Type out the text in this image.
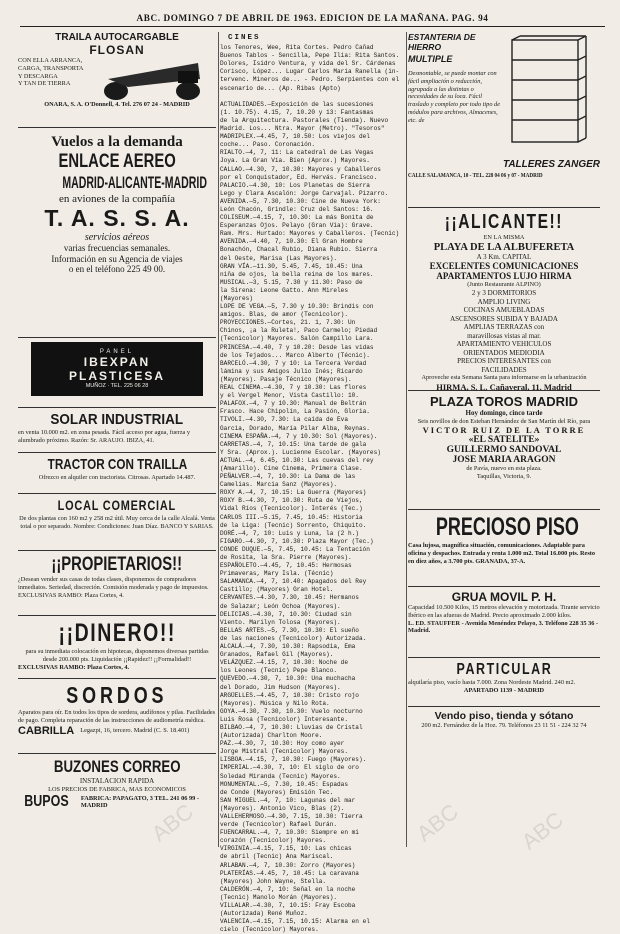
ABC. DOMINGO 7 DE ABRIL DE 1963. EDICION DE LA MAÑANA. PAG. 94
TRAILA AUTOCARGABLE
FLOSAN
CON ELLA ARRANCA, CARGA, TRANSPORTA
Y DESCARGA
Y TAN DE TIERRA
ONARA, S. A. O'Donnell, 4. Tel. 276 07 24 - MADRID
Vuelos a la demanda
ENLACE AEREO
MADRID-ALICANTE-MADRID
en aviones de la compañía
T. A. S. S. A.
servicios aéreos
varias frecuencias semanales.
Información en su Agencia de viajes
o en el teléfono 225 49 00.
PANEL
IBEXPAN
PLASTICESA
MUÑOZ · TEL. 225 06 28
SOLAR INDUSTRIAL
en venta 10.000 m2. en zona pesada. Fácil acceso por agua, fuerza y alumbrado próximo. Razón: Sr. ARAUJO. IBIZA, 41.
TRACTOR CON TRAILLA
Ofrezco en alquiler con tractorista. Citrosas. Apartado 14.487.
LOCAL COMERCIAL
De dos plantas con 160 m2 y 258 m2 útil. Muy cerca de la calle Alcalá. Venta total o por separado. Nombre: Condiciones: Juan Díaz. BANCO Y SARIAS.
¡¡PROPIETARIOS!!
¿Desean vender sus casas de todas clases, disponemos de compradores inmediatos. Seriedad, discreción. Comisión moderada y pago de impuestos. EXCLUSIVAS RAMBO: Plaza Cortes, 4.
¡¡DINERO!!
para su inmediata colocación en hipotecas, disponemos diversas partidas desde 200.000 pts. Liquidación ¡¡Rapidez!! ¡¡Formalidad!!
EXCLUSIVAS RAMBO: Plaza Cortes, 4.
SORDOS
Aparatos para oír. En todos los tipos de sordera, audífonos y pilas. Facilidades de pago. Completa reparación de las instrucciones de audiometría médica.
CABRILLA Legazpi, 16, tercero. Madrid (C. S. 18.401)
BUZONES CORREO
INSTALACION RAPIDA
LOS PRECIOS DE FABRICA, MAS ECONOMICOS
BUPOS FABRICA: PAPAGATO, 3 TEL. 241 06 99 - MADRID
CINES
los Tenores, Wee, Rita Cortes. Pedro Cañad
Buenos Tablos - Sencilla, Pepe Ilia: Rita Santos.
Dolores, Isidro Ventura, y vida del Sr. Cárdenas
Corisco, López... Lugar Carlos Maria Ranella (in-
tervenc. Mineros de... - Pedro. Serpientes con el
escenario de... (Ap. Ribas (Apto)

ACTUALIDADES.—Exposición de las sucesiones
(1. 10.75). 4.15, 7, 10.20 y 13: Fantasmas
de la Arquitectura. Pastorales (Tienda). Nuevo
Madrid. Los... Ntra. Mayor (Metro). "Tesoros"
MADRIPLEX.—4.45, 7, 10.50: Los viejos del
coche... Paso. Coronación.
RIALTO.—4, 7, 11: La catedral de Las Vegas
Joya. La Gran Vía. Bien (Aprox.) Mayores.
CALLAO.—4.30, 7, 10.30: Mayores y Caballeros
por el Conquistador, Ed. Hervás. Francisco.
PALACIO.—4.30, 10: Los Planetas de Sierra
Lego y Clara Ascalón: Jorge Carvajal. Pizarro.
AVENIDA.—5, 7.30, 10.30: Cine de Nueva York:
León Chacón, Grindle: Cruz del Santos: 16.
COLISEUM.—4.15, 7, 10.30: La más Bonita de
Esperanzas Ojos. Pelayo (Gran Vía): Grave.
Ram. Mrs. Hurtado: Mayores y Caballeros. (Tecnic)
AVENIDA.—4.40, 7, 10.30: El Gran Hombre
Bonachón, Chacal Rubio, Diana Rubio. Sierra
del Oeste, Marisa (Las Mayores).
GRAN VÍA.—11.30, 5.45, 7.45, 10.45: Una
niña de ojos, la bella reina de los mares.
MUSICAL.—3, 5.15, 7.30 y 11.30: Paso de
la Sirena: Leone Gatto. Ann Mireles
(Mayores)
LOPE DE VEGA.—5, 7.30 y 10.30: Brindis con
amigos. Blas, de amor (Tecnicolor).
PROYECCIONES.—Cortes, 21. 1, 7.30: Un
Chinos, ¡a la Ruleta!, Paco Carmelo; Piedad
(Tecnicolor) Mayores. Salón Campillo Lara.
PRINCESA.—4.40, 7 y 10.20: Desde las vidas
de los Tejados... Marco Alberto (Técnic).
BARCELÓ.—4.30, 7 y 10: La Tercera Verdad
lámina y sus Amigos Julio Inés; Ricardo
(Mayores). Pasaje Técnico (Mayores).
REAL CINEMA.—4.30, 7 y 10.30: Las flores
y el Vergel Menor, Vista Castillo: 10.
PALAFOX.—4, 7 y 10.30: Manual de Beltrán
Frasco. Hace Chipolín, La Pasión, Gloria.
TIVOLI.—4.30, 7.30: La caída de Eva
Garcia, Dorado, María Pilar Alba, Reynas.
CINEMA ESPAÑA.—4, 7 y 10.30: Sol (Mayores).
CARRETAS.—4, 7, 10.15: Una tarde de gala
Y Sra. (Aprox.). Lucienne Escolar. (Mayores)
ACTUAL.—4, 6.45, 10.30: Las cuevas del rey
(Amarillo). Cine Cinema, Primera Clase.
PEÑALVER.—4, 7, 10.30: La Dama de las
Camelias. Marcia Sanz (Mayores).
ROXY A.—4, 7, 10.15: La Guerra (Mayores)
ROXY B.—4.30, 7, 10.30: Ruta de Viejos,
Vidal Ríos (Tecnicolor). Interés (Tec.)
CARLOS III.—5.15, 7.45, 10.45: Historia
de la Liga: (Tecnic) Sorrento, Chiquito.
DORÉ.—4, 7, 10: Luis y Luna, la (2 h.)
FIGARO.—4.30, 7, 10.30: Plaza Mayor (Tec.)
CONDE DUQUE.—5, 7.45, 10.45: La Tentación
de Rosita, la Sra. Pierre (Mayores).
ESPAÑOLETO.—4.45, 7, 10.45: Hermosas
Primaveras, Mary Isla. (Técnic)
SALAMANCA.—4, 7, 10.40: Apagados del Rey
Castillo; (Mayores) Gran Hotel.
CERVANTES.—4.30, 7.30, 10.45: Hermanos
de Salazar; León Ochoa (Mayores).
DELICIAS.—4.30, 7, 10.30: Ciudad sin
Viento. Marilyn Tolosa (Mayores).
BELLAS ARTES.—5, 7.30, 10.30: El sueño
de las naciones (Tecnicolor) Autorizada.
ALCALÁ.—4, 7.30, 10.30: Rapsodia, Ema
Granados, Rafael Gil (Mayores).
VELÁZQUEZ.—4.15, 7, 10.30: Noche de
los Leones (Tecnic) Pepe Blanco.
QUEVEDO.—4.30, 7, 10.30: Una muchacha
del Dorado, Jim Hudson (Mayores).
ARGÜELLES.—4.45, 7, 10.30: Cristo rojo
(Mayores). Música y Nilo Rota.
GOYA.—4.30, 7.30, 10.30: Vuelo nocturno
Luis Rosa (Tecnicolor) Interesante.
BILBAO.—4, 7, 10.30: Lluvias de Cristal
(Autorizada) Charlton Moore.
PAZ.—4.30, 7, 10.30: Hoy como ayer
Jorge Mistral (Tecnicolor) Mayores.
LISBOA.—4.15, 7, 10.30: Fuego (Mayores).
IMPERIAL.—4.30, 7, 10: El siglo de oro
Soledad Miranda (Tecnic) Mayores.
MONUMENTAL.—5, 7.30, 10.45: Espadas
de Conde (Mayores) Emisión Tec.
SAN MIGUEL.—4, 7, 10: Lagunas del mar
(Mayores). Antonio Vico, Blas (2).
VALLEHERMOSO.—4.30, 7.15, 10.30: Tierra
verde (Tecnicolor) Rafael Durán.
FUENCARRAL.—4, 7, 10.30: Siempre en mi
corazón (Tecnicolor) Mayores.
VIRGINIA.—4.15, 7.15, 10: Las chicas
de abril (Tecnic) Ana Mariscal.
ARLABAN.—4, 7, 10.30: Zorro (Mayores)
PLATERÍAS.—4.45, 7, 10.45: La caravana
(Mayores) John Wayne, Stella.
CALDERÓN.—4, 7, 10: Señal en la noche
(Tecnic) Manolo Morán (Mayores).
VILLALAR.—4.30, 7, 10.15: Fray Escoba
(Autorizada) René Muñoz.
VALENCIA.—4.15, 7.15, 10.15: Alarma en el
cielo (Tecnicolor) Mayores.
ESTANTERIA DE HIERRO
MULTIPLE
Desmontable, se puede montar con fácil ampliación o reducción, agrupada a las distintas o necesidades de su loca. Fácil traslado y completo por todo tipo de módulos para archivos, Almacenes, etc. de
TALLERES ZANGER
CALLE SALAMANCA, 10 - TEL. 228 04 06 y 07 - MADRID
¡¡ALICANTE!!
EN LA MISMA
PLAYA DE LA ALBUFERETA
A 3 Km. CAPITAL
EXCELENTES COMUNICACIONES
APARTAMENTOS LUJO HIRMA
(Junto Restaurante ALPINO)
2 y 3 DORMITORIOS
AMPLIO LIVING
COCINAS AMUEBLADAS
ASCENSORES SUBIDA Y BAJADA
AMPLIAS TERRAZAS con
maravillosas vistas al mar.
APARTAMIENTO VEHICULOS
ORIENTADOS MEDIODIA
PRECIOS INTERESANTES con
FACILIDADES
Aproveche esta Semana Santa para informarse en la urbanización
HIRMA, S. L. Cañaveral, 11. Madrid
PLAZA TOROS MADRID
Hoy domingo, cinco tarde
Seis novillos de don Esteban Hernández de San Martín del Río, para
VICTOR RUIZ DE LA TORRE
«EL SATELITE»
GUILLERMO SANDOVAL
JOSE MARIA ARAGON
de Pavía, nuevo en esta plaza.
Taquillas, Victoria, 9.
PRECIOSO PISO
Casa lujosa, magnífica situación, comunicaciones. Adaptable para oficina y despachos. Entrada y renta 1.000 m2. Total 16.000 pts. Resto en diez años, a 3.700 pts. GRANADA, 37-A.
GRUA MOVIL P. H.
Capacidad 10.500 Kilos, 15 metros elevación y motorizada. Tirante servicio Ibérico en las afueras de Madrid. Precio aproximado 2.000 kilos.
L. ED. STAUFFER - Avenida Menéndez Pelayo, 3. Teléfono 228 35 36 - Madrid.
PARTICULAR
alquilaría piso, vacío hasta 7.000. Zona Nordeste Madrid. 240 m2.
APARTADO 1139 - MADRID
Vendo piso, tienda y sótano
200 m2. Fernández de la Hoz. 79. Teléfonos 23 11 51 - 224 32 74
ABC	ABC ABC
